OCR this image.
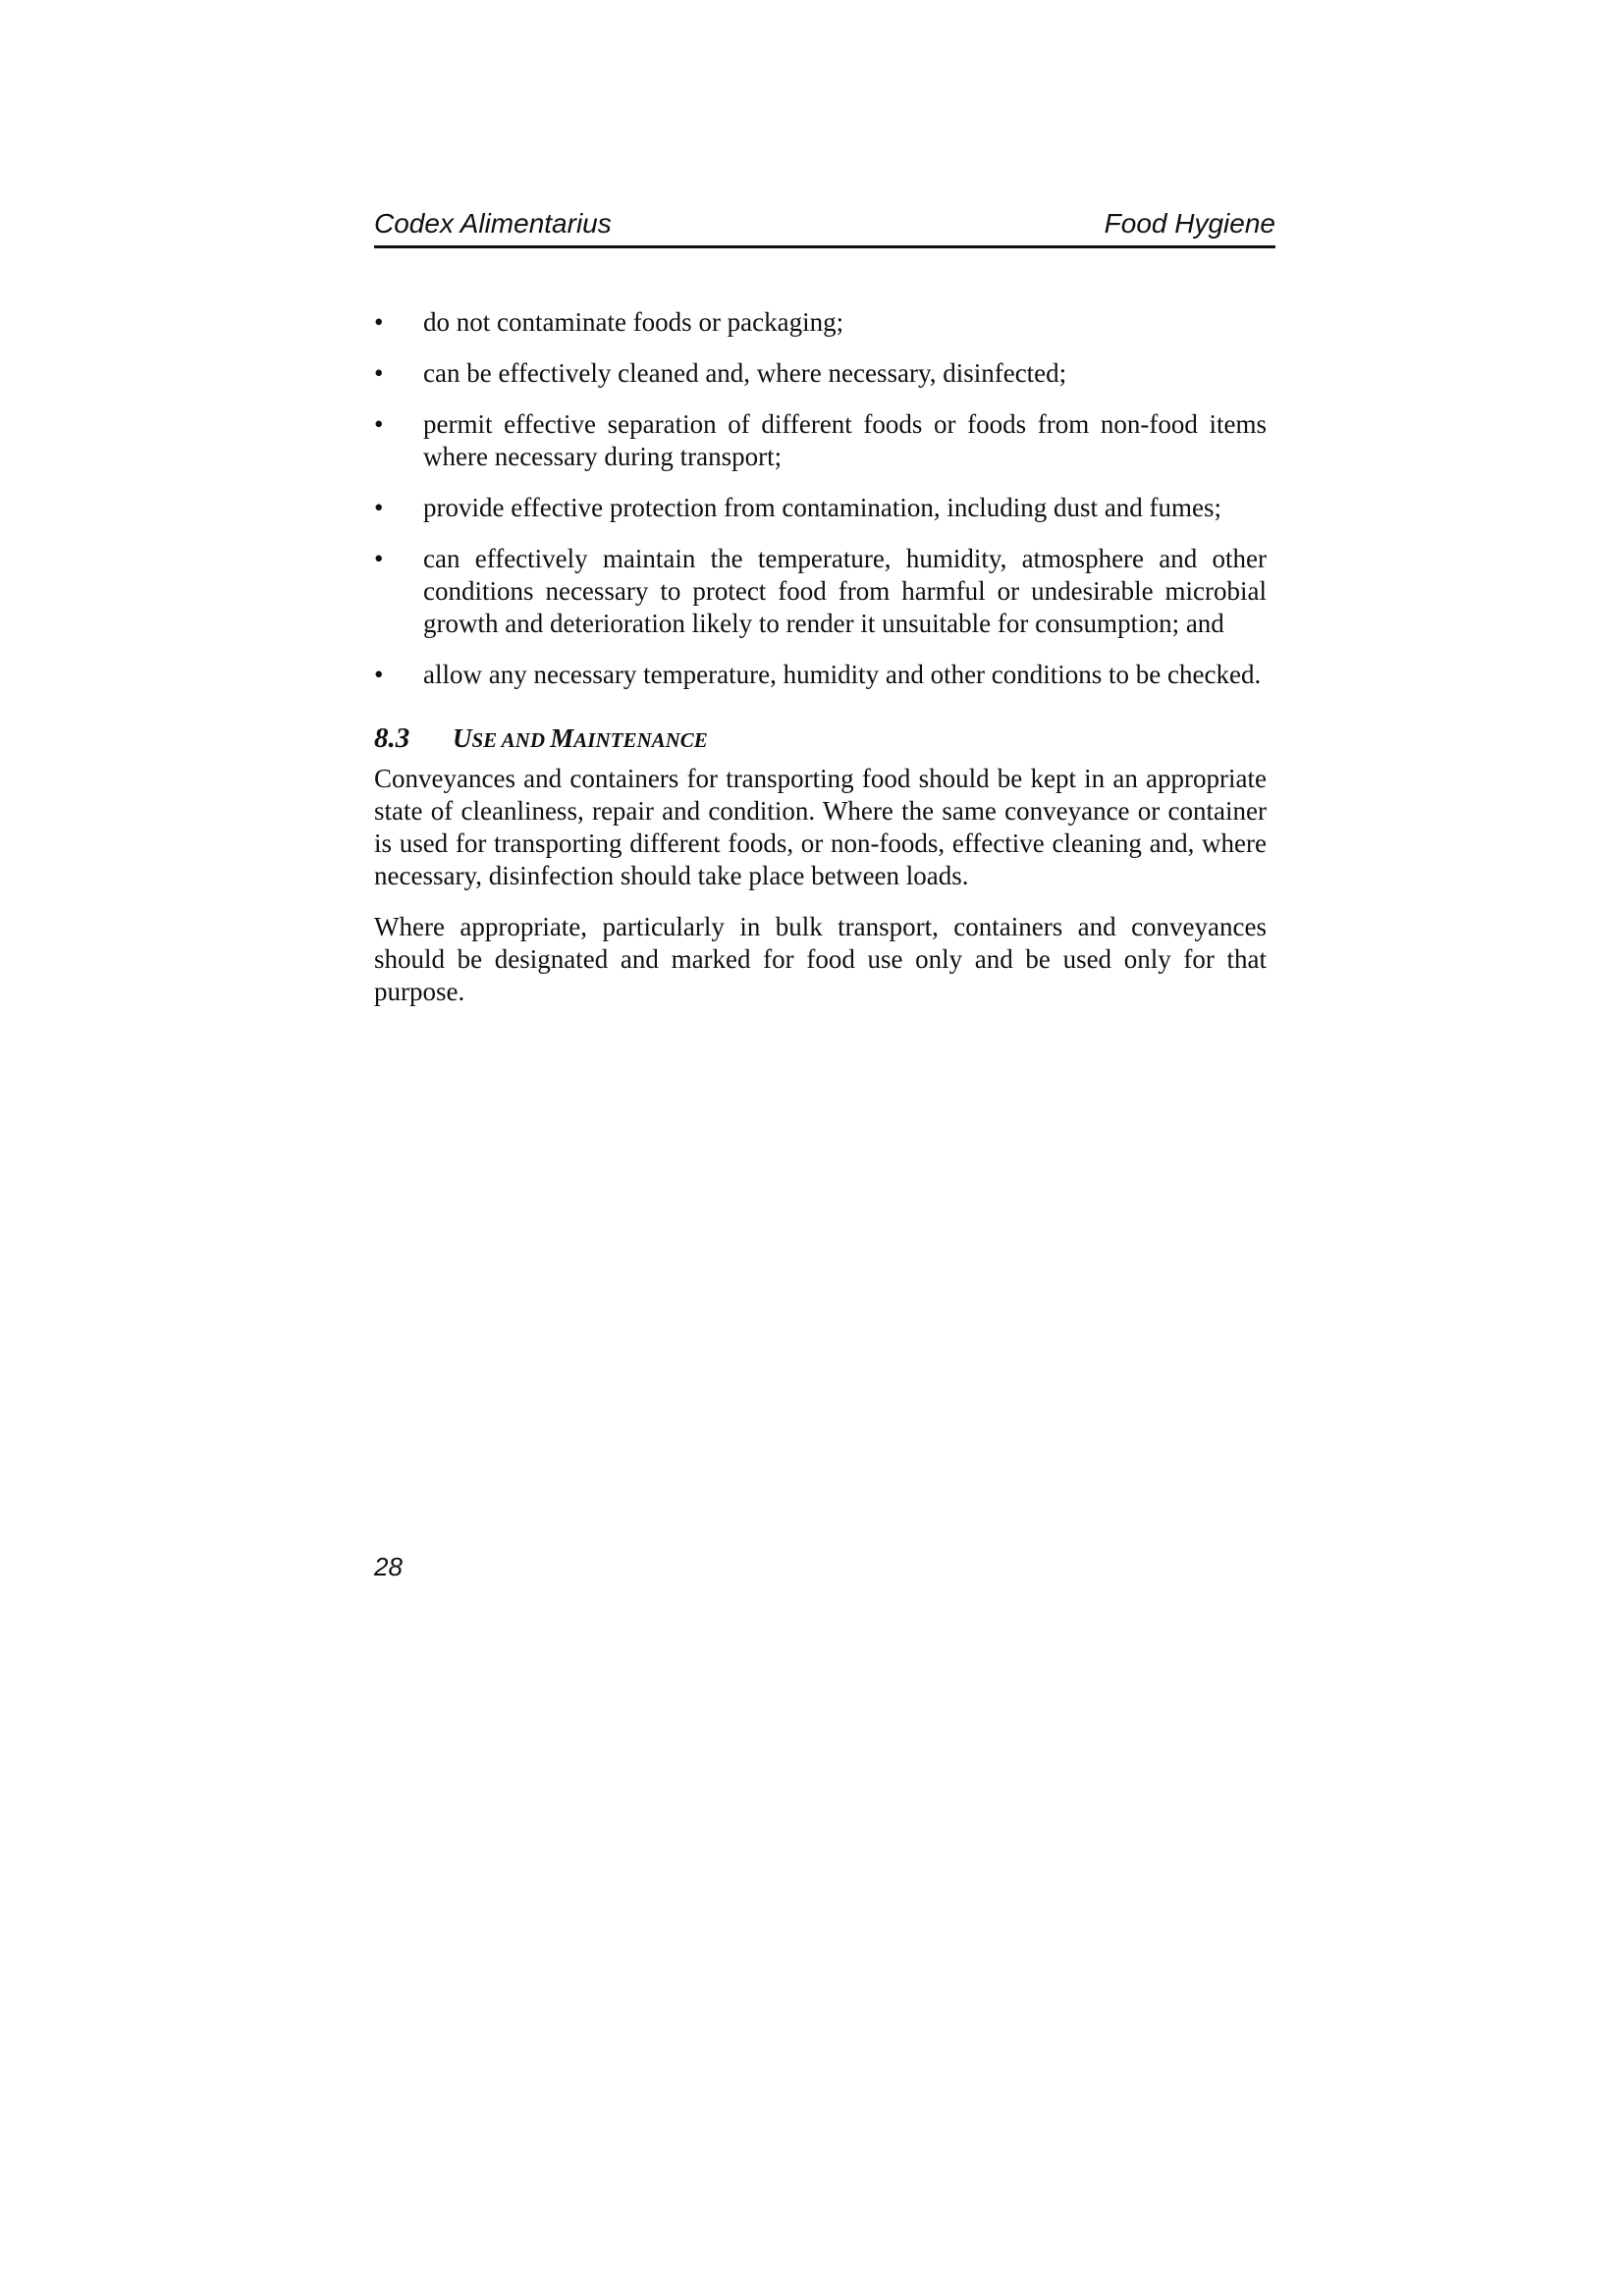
Codex Alimentarius	Food Hygiene
•	do not contaminate foods or packaging;
•	can be effectively cleaned and, where necessary, disinfected;
•	permit effective separation of different foods or foods from non-food items where necessary during transport;
•	provide effective protection from contamination, including dust and fumes;
•	can effectively maintain the temperature, humidity, atmosphere and other conditions necessary to protect food from harmful or undesirable microbial growth and deterioration likely to render it unsuitable for consumption; and
•	allow any necessary temperature, humidity and other conditions to be checked.
8.3 USE AND MAINTENANCE

Conveyances and containers for transporting food should be kept in an appropriate state of cleanliness, repair and condition. Where the same conveyance or container is used for transporting different foods, or non-foods, effective cleaning and, where necessary, disinfection should take place between loads.

Where appropriate, particularly in bulk transport, containers and conveyances should be designated and marked for food use only and be used only for that purpose.

28
